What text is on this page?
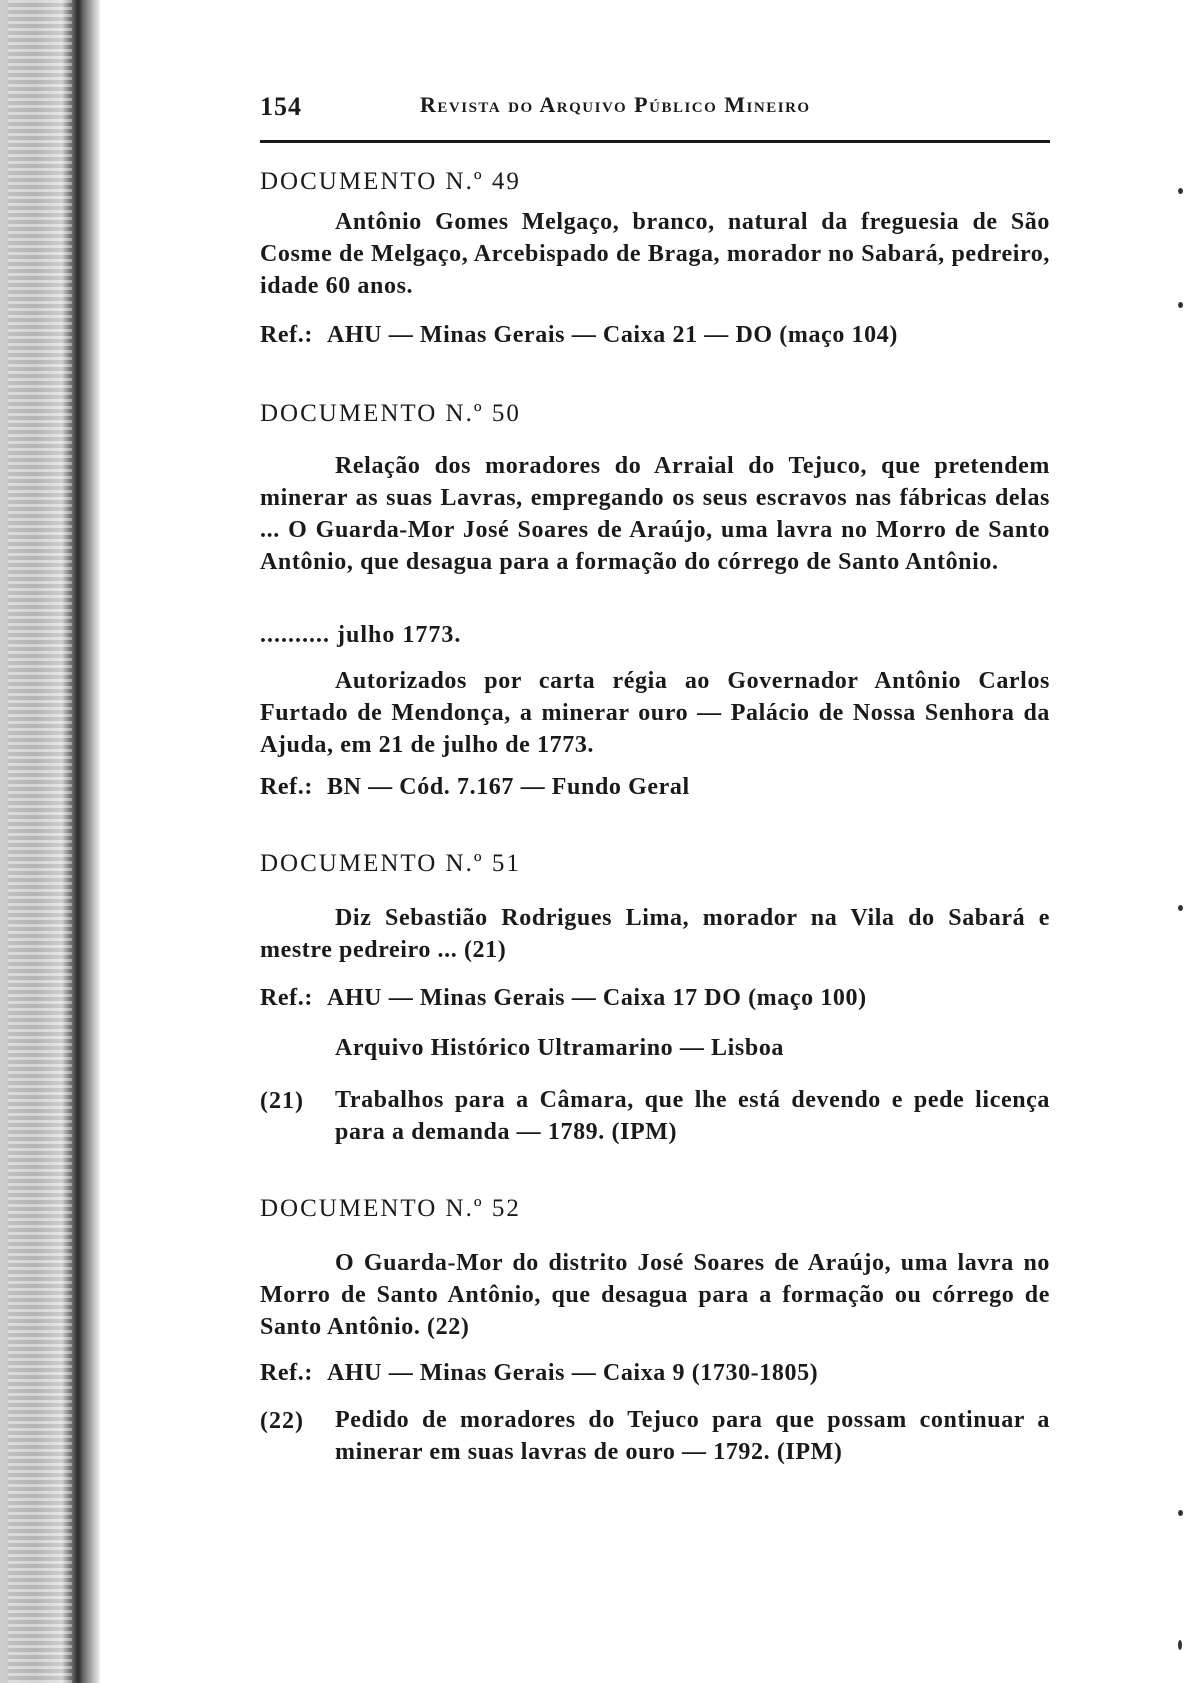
154	Revista do Arquivo Público Mineiro
DOCUMENTO N.º 49
Antônio Gomes Melgaço, branco, natural da freguesia de São Cosme de Melgaço, Arcebispado de Braga, morador no Sabará, pedreiro, idade 60 anos.
Ref.: AHU — Minas Gerais — Caixa 21 — DO (maço 104)
DOCUMENTO N.º 50
Relação dos moradores do Arraial do Tejuco, que pretendem minerar as suas Lavras, empregando os seus escravos nas fábricas delas ... O Guarda-Mor José Soares de Araújo, uma lavra no Morro de Santo Antônio, que desagua para a formação do córrego de Santo Antônio.
.......... julho 1773.
Autorizados por carta régia ao Governador Antônio Carlos Furtado de Mendonça, a minerar ouro — Palácio de Nossa Senhora da Ajuda, em 21 de julho de 1773.
Ref.: BN — Cód. 7.167 — Fundo Geral
DOCUMENTO N.º 51
Diz Sebastião Rodrigues Lima, morador na Vila do Sabará e mestre pedreiro ... (21)
Ref.: AHU — Minas Gerais — Caixa 17 DO (maço 100)
Arquivo Histórico Ultramarino — Lisboa
(21) Trabalhos para a Câmara, que lhe está devendo e pede licença para a demanda — 1789. (IPM)
DOCUMENTO N.º 52
O Guarda-Mor do distrito José Soares de Araújo, uma lavra no Morro de Santo Antônio, que desagua para a formação ou córrego de Santo Antônio. (22)
Ref.: AHU — Minas Gerais — Caixa 9 (1730-1805)
(22) Pedido de moradores do Tejuco para que possam continuar a minerar em suas lavras de ouro — 1792. (IPM)
